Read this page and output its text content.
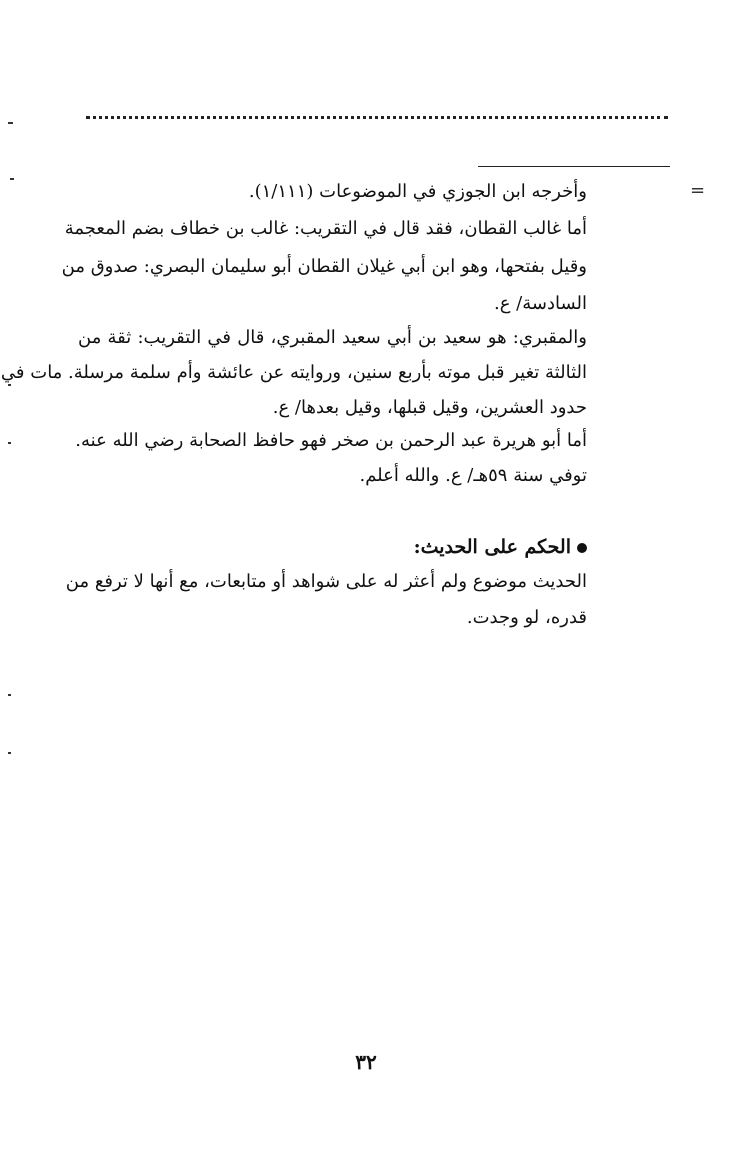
=
وأخرجه ابن الجوزي في الموضوعات (١/١١١).
أما غالب القطان، فقد قال في التقريب: غالب بن خطاف بضم المعجمة
وقيل بفتحها، وهو ابن أبي غيلان القطان أبو سليمان البصري: صدوق من
السادسة/ ع.
والمقبري: هو سعيد بن أبي سعيد المقبري، قال في التقريب: ثقة من
الثالثة تغير قبل موته بأربع سنين، وروايته عن عائشة وأم سلمة مرسلة. مات في
حدود العشرين، وقيل قبلها، وقيل بعدها/ ع.
أما أبو هريرة عبد الرحمن بن صخر فهو حافظ الصحابة رضي الله عنه.
توفي سنة ٥٩هـ/ ع. والله أعلم.
الحكم على الحديث:
الحديث موضوع ولم أعثر له على شواهد أو متابعات، مع أنها لا ترفع من
قدره، لو وجدت.
٣٢
